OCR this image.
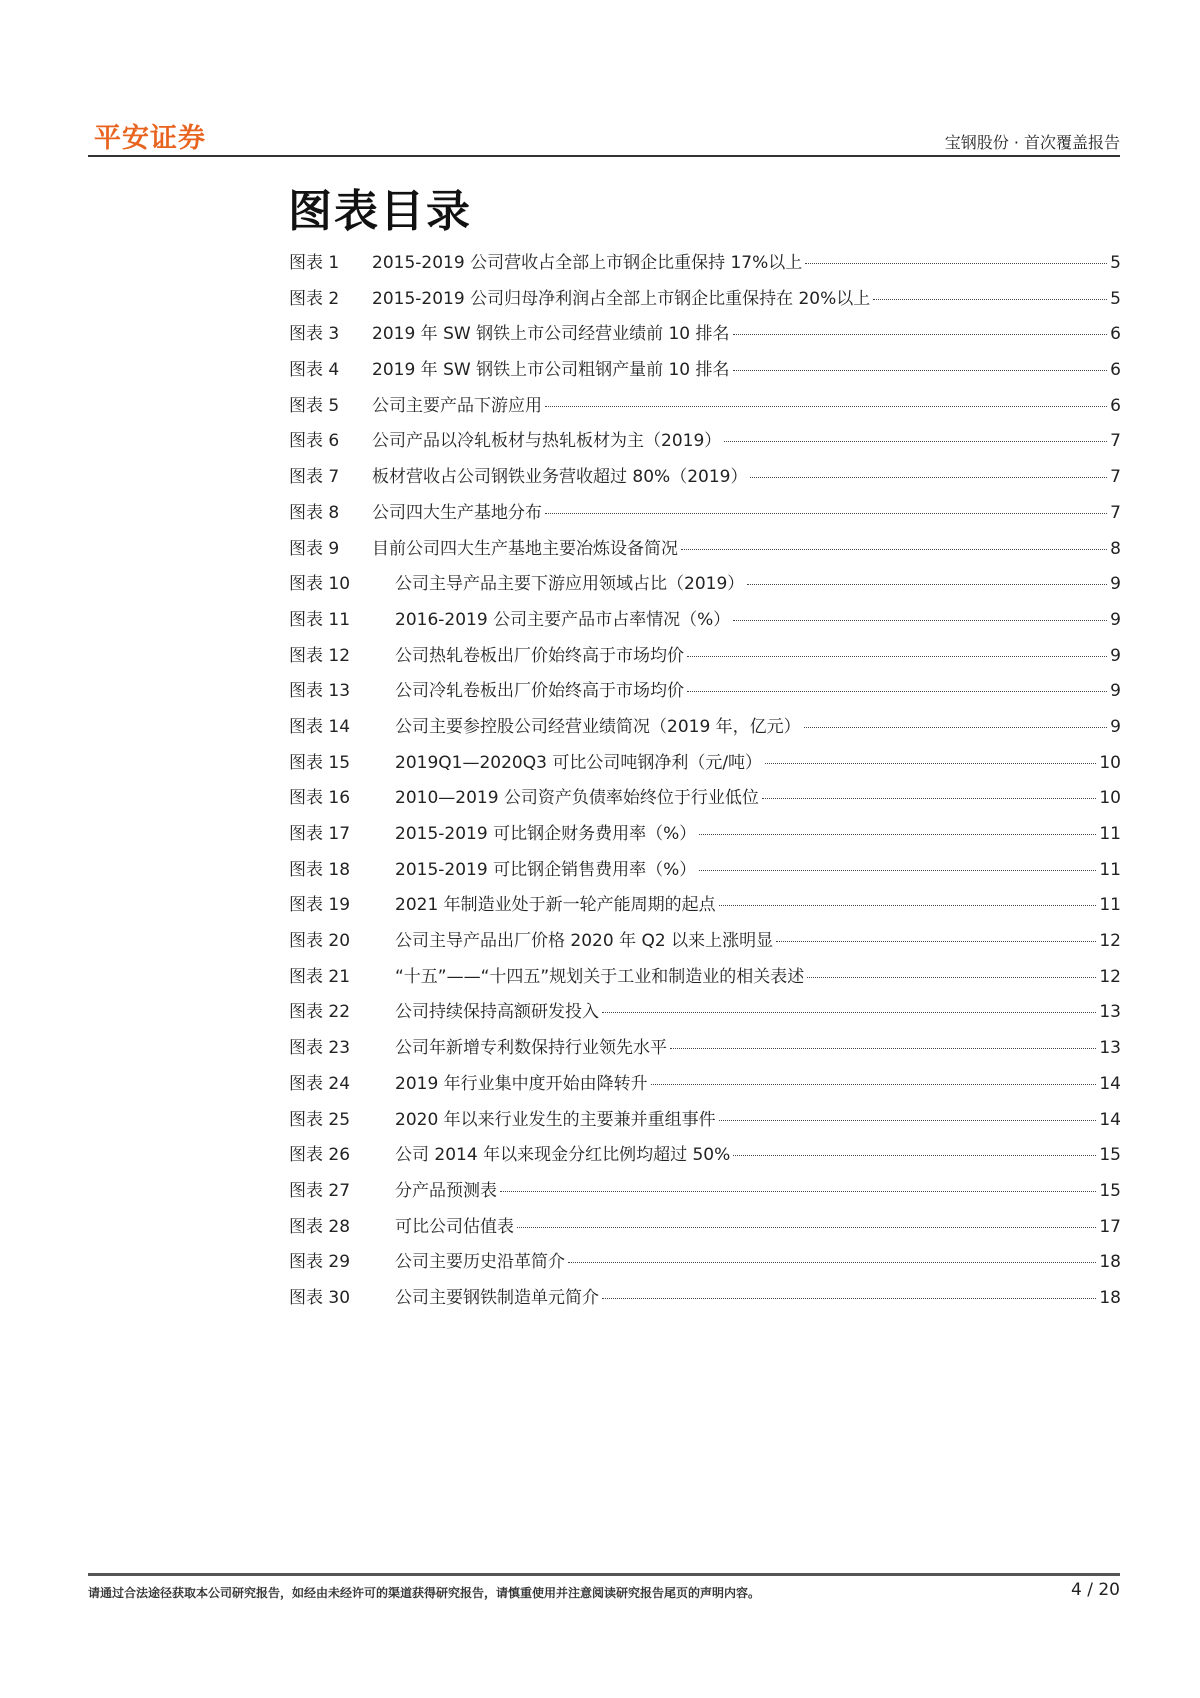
平安证券	宝钢股份 · 首次覆盖报告
图表目录
图表 1	2015-2019 公司营收占全部上市钢企比重保持 17%以上	5
图表 2	2015-2019 公司归母净利润占全部上市钢企比重保持在 20%以上	5
图表 3	2019 年 SW 钢铁上市公司经营业绩前 10 排名	6
图表 4	2019 年 SW 钢铁上市公司粗钢产量前 10 排名	6
图表 5	公司主要产品下游应用	6
图表 6	公司产品以冷轧板材与热轧板材为主（2019）	7
图表 7	板材营收占公司钢铁业务营收超过 80%（2019）	7
图表 8	公司四大生产基地分布	7
图表 9	目前公司四大生产基地主要冶炼设备简况	8
图表 10	公司主导产品主要下游应用领域占比（2019）	9
图表 11	2016-2019 公司主要产品市占率情况（%）	9
图表 12	公司热轧卷板出厂价始终高于市场均价	9
图表 13	公司冷轧卷板出厂价始终高于市场均价	9
图表 14	公司主要参控股公司经营业绩简况（2019 年，亿元）	9
图表 15	2019Q1—2020Q3 可比公司吨钢净利（元/吨）	10
图表 16	2010—2019 公司资产负债率始终位于行业低位	10
图表 17	2015-2019 可比钢企财务费用率（%）	11
图表 18	2015-2019 可比钢企销售费用率（%）	11
图表 19	2021 年制造业处于新一轮产能周期的起点	11
图表 20	公司主导产品出厂价格 2020 年 Q2 以来上涨明显	12
图表 21	“十五”——“十四五”规划关于工业和制造业的相关表述	12
图表 22	公司持续保持高额研发投入	13
图表 23	公司年新增专利数保持行业领先水平	13
图表 24	2019 年行业集中度开始由降转升	14
图表 25	2020 年以来行业发生的主要兼并重组事件	14
图表 26	公司 2014 年以来现金分红比例均超过 50%	15
图表 27	分产品预测表	15
图表 28	可比公司估值表	17
图表 29	公司主要历史沿革简介	18
图表 30	公司主要钢铁制造单元简介	18
请通过合法途径获取本公司研究报告，如经由未经许可的渠道获得研究报告，请慎重使用并注意阅读研究报告尾页的声明内容。	4 / 20
